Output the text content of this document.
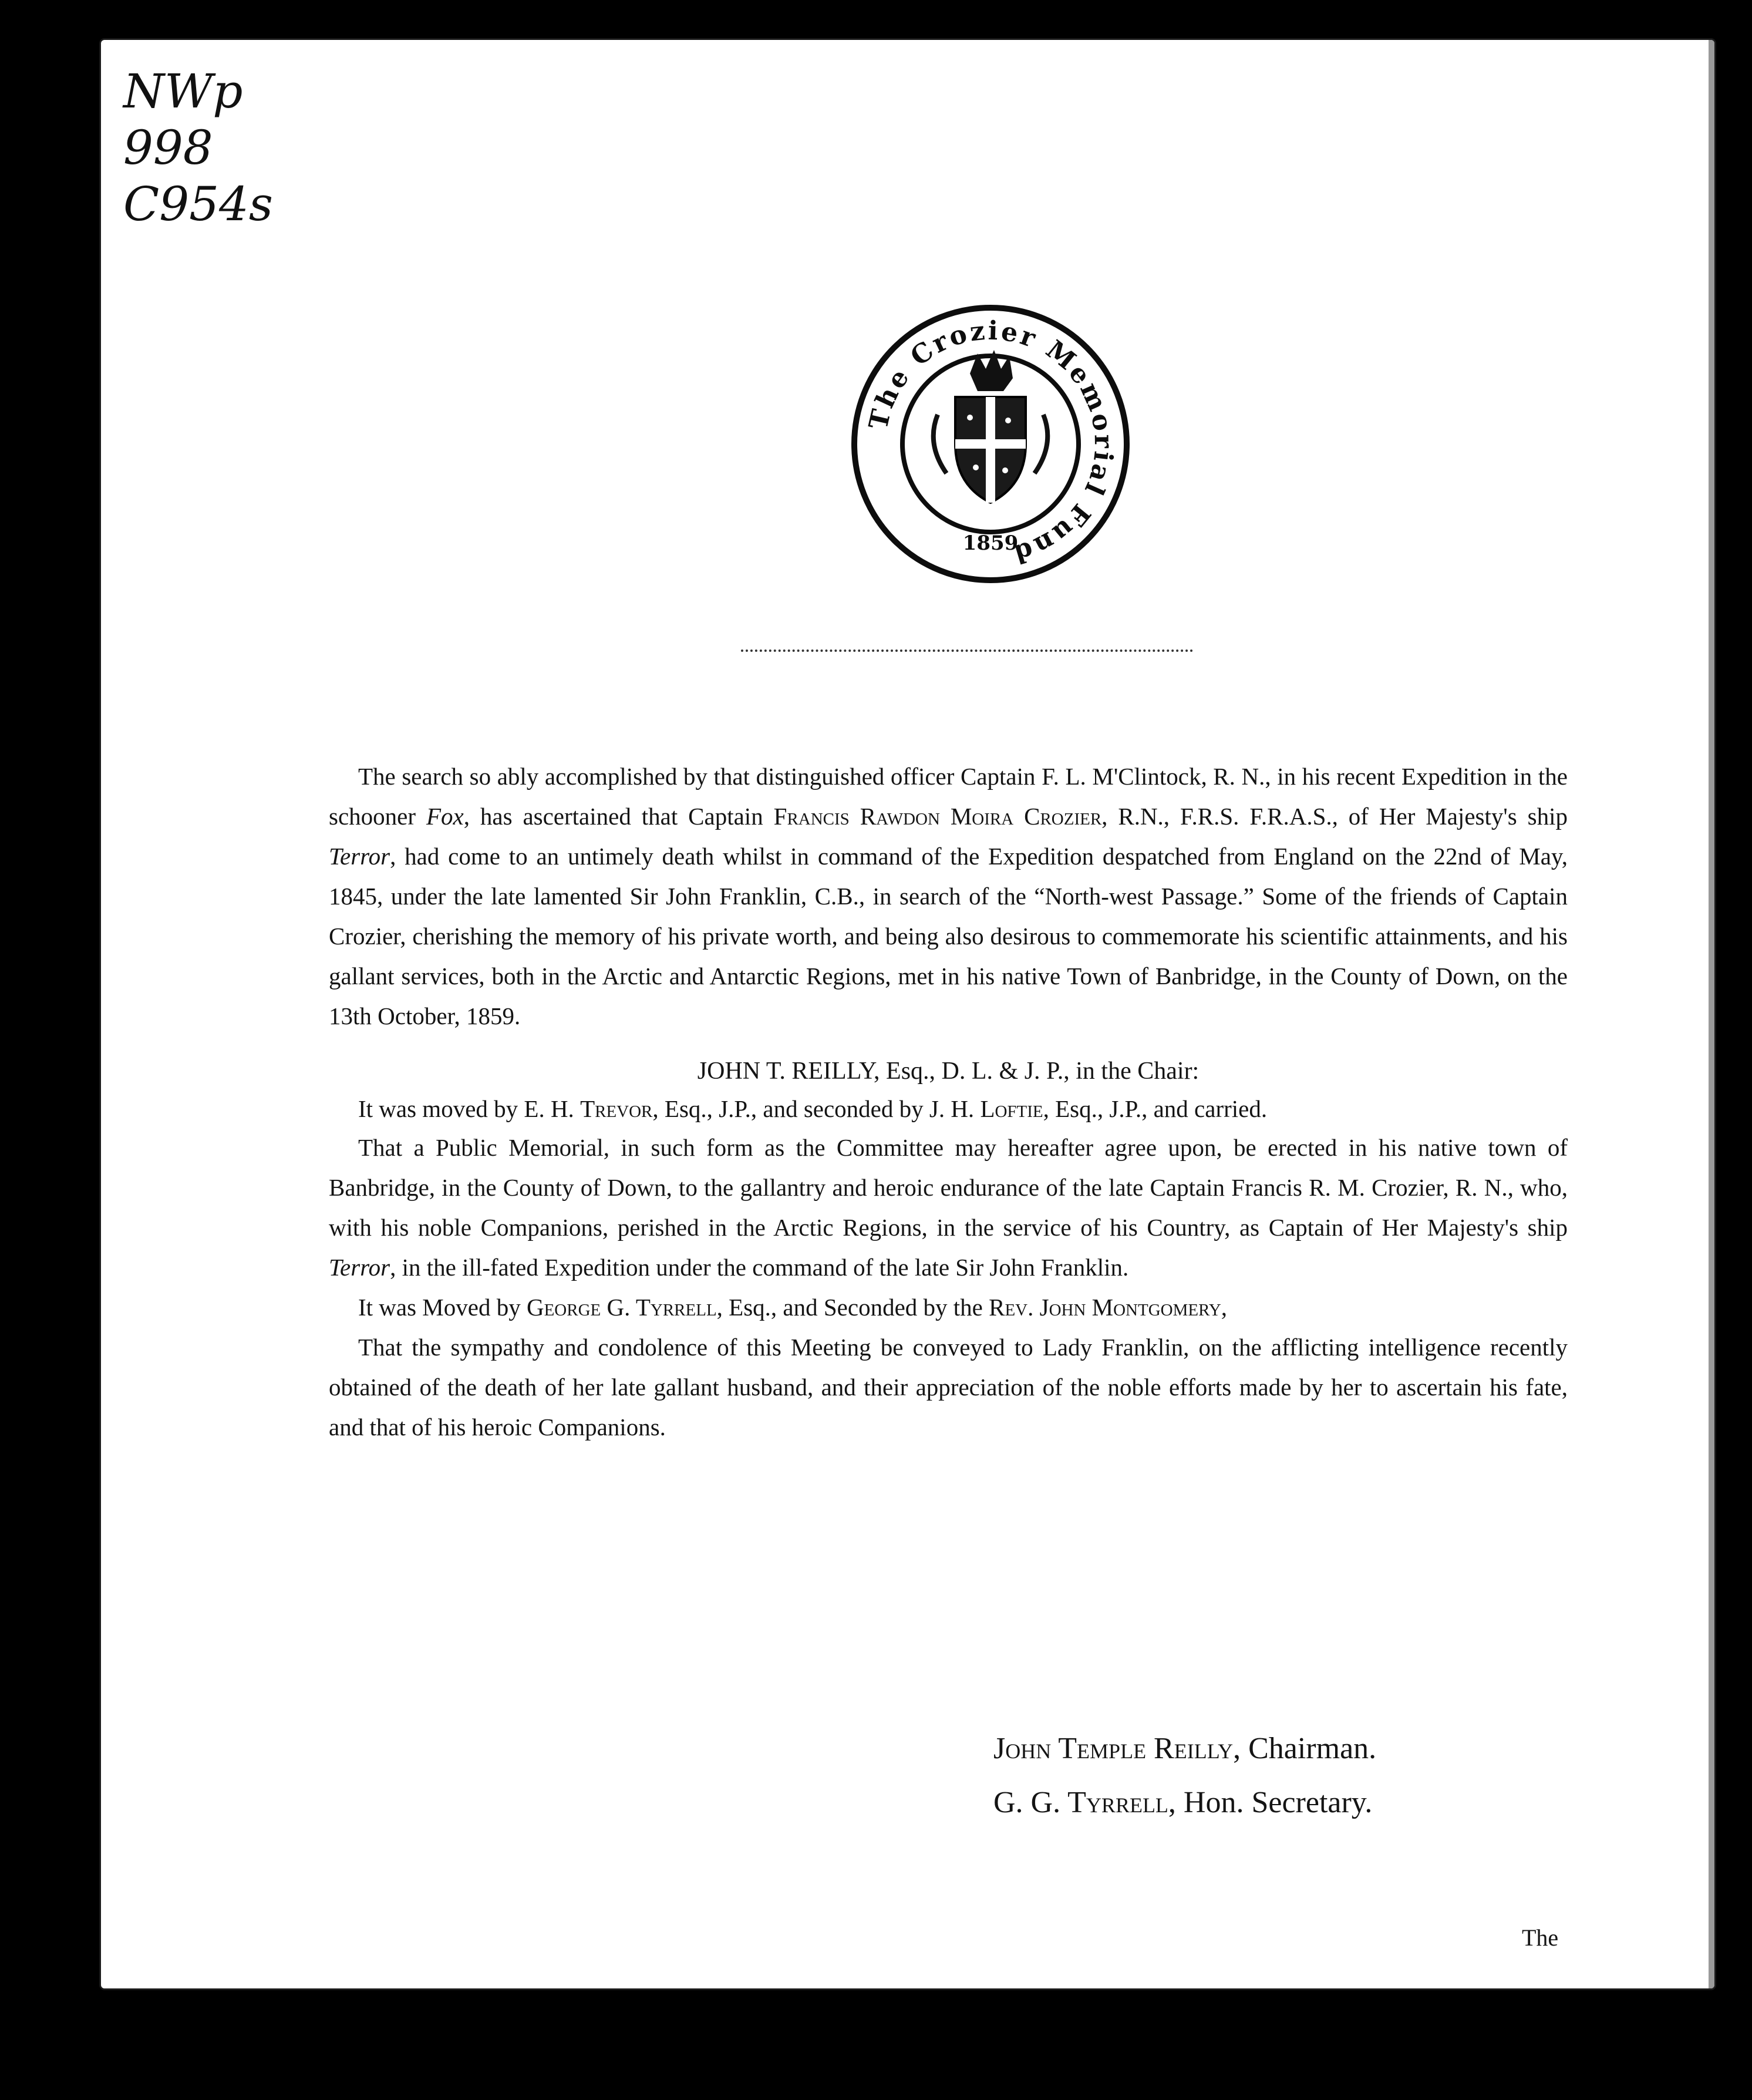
NWp
998
C954s
The Crozier Memorial Fund
1859

The search so ably accomplished by that distinguished officer Captain F. L. M'Clintock, R. N., in his recent Expedition in the schooner Fox, has ascertained that Captain Francis Rawdon Moira Crozier, R.N., F.R.S. F.R.A.S., of Her Majesty's ship Terror, had come to an untimely death whilst in command of the Expedition despatched from England on the 22nd of May, 1845, under the late lamented Sir John Franklin, C.B., in search of the “North-west Passage.” Some of the friends of Captain Crozier, cherishing the memory of his private worth, and being also desirous to commemorate his scientific attainments, and his gallant services, both in the Arctic and Antarctic Regions, met in his native Town of Banbridge, in the County of Down, on the 13th October, 1859.

JOHN T. REILLY, Esq., D. L. & J. P., in the Chair:

It was moved by E. H. Trevor, Esq., J.P., and seconded by J. H. Loftie, Esq., J.P., and carried.

That a Public Memorial, in such form as the Committee may hereafter agree upon, be erected in his native town of Banbridge, in the County of Down, to the gallantry and heroic endurance of the late Captain Francis R. M. Crozier, R. N., who, with his noble Companions, perished in the Arctic Regions, in the service of his Country, as Captain of Her Majesty's ship Terror, in the ill-fated Expedition under the command of the late Sir John Franklin.

It was Moved by George G. Tyrrell, Esq., and Seconded by the Rev. John Montgomery,

That the sympathy and condolence of this Meeting be conveyed to Lady Franklin, on the afflicting intelligence recently obtained of the death of her late gallant husband, and their appreciation of the noble efforts made by her to ascertain his fate, and that of his heroic Companions.

John Temple Reilly, Chairman.
G. G. Tyrrell, Hon. Secretary.
The
